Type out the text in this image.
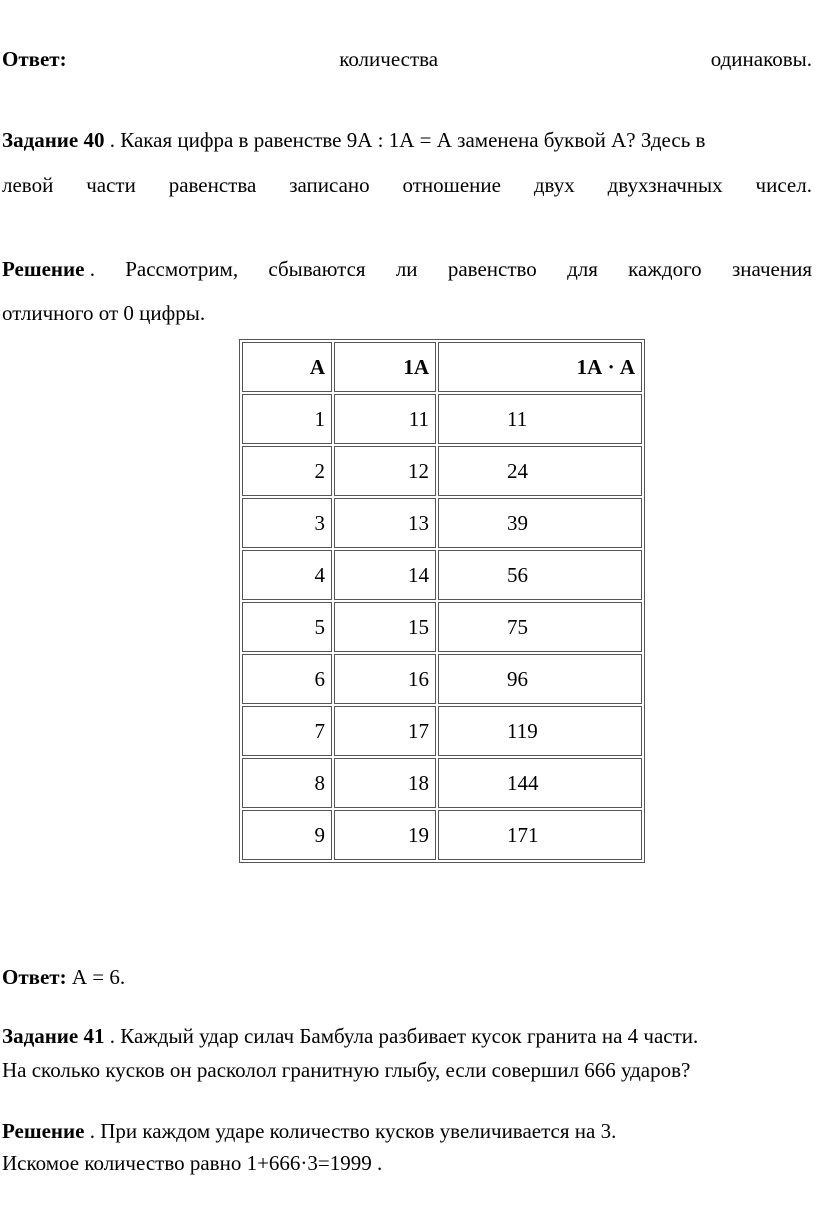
Ответ:	количества	одинаковы.
Задание 40 . Какая цифра в равенстве 9А : 1А = А заменена буквой А? Здесь в
левой части равенства записано отношение двух двухзначных чисел.
Решение . Рассмотрим, сбываются ли равенство для каждого значения
отличного от 0 цифры.
А	1А	1А · А
1	11	11
2	12	24
3	13	39
4	14	56
5	15	75
6	16	96
7	17	119
8	18	144
9	19	171
Ответ: А = 6.
Задание 41 . Каждый удар силач Бамбула разбивает кусок гранита на 4 части.
На сколько кусков он расколол гранитную глыбу, если совершил 666 ударов?
Решение . При каждом ударе количество кусков увеличивается на 3.
Искомое количество равно 1+666·3=1999 .
